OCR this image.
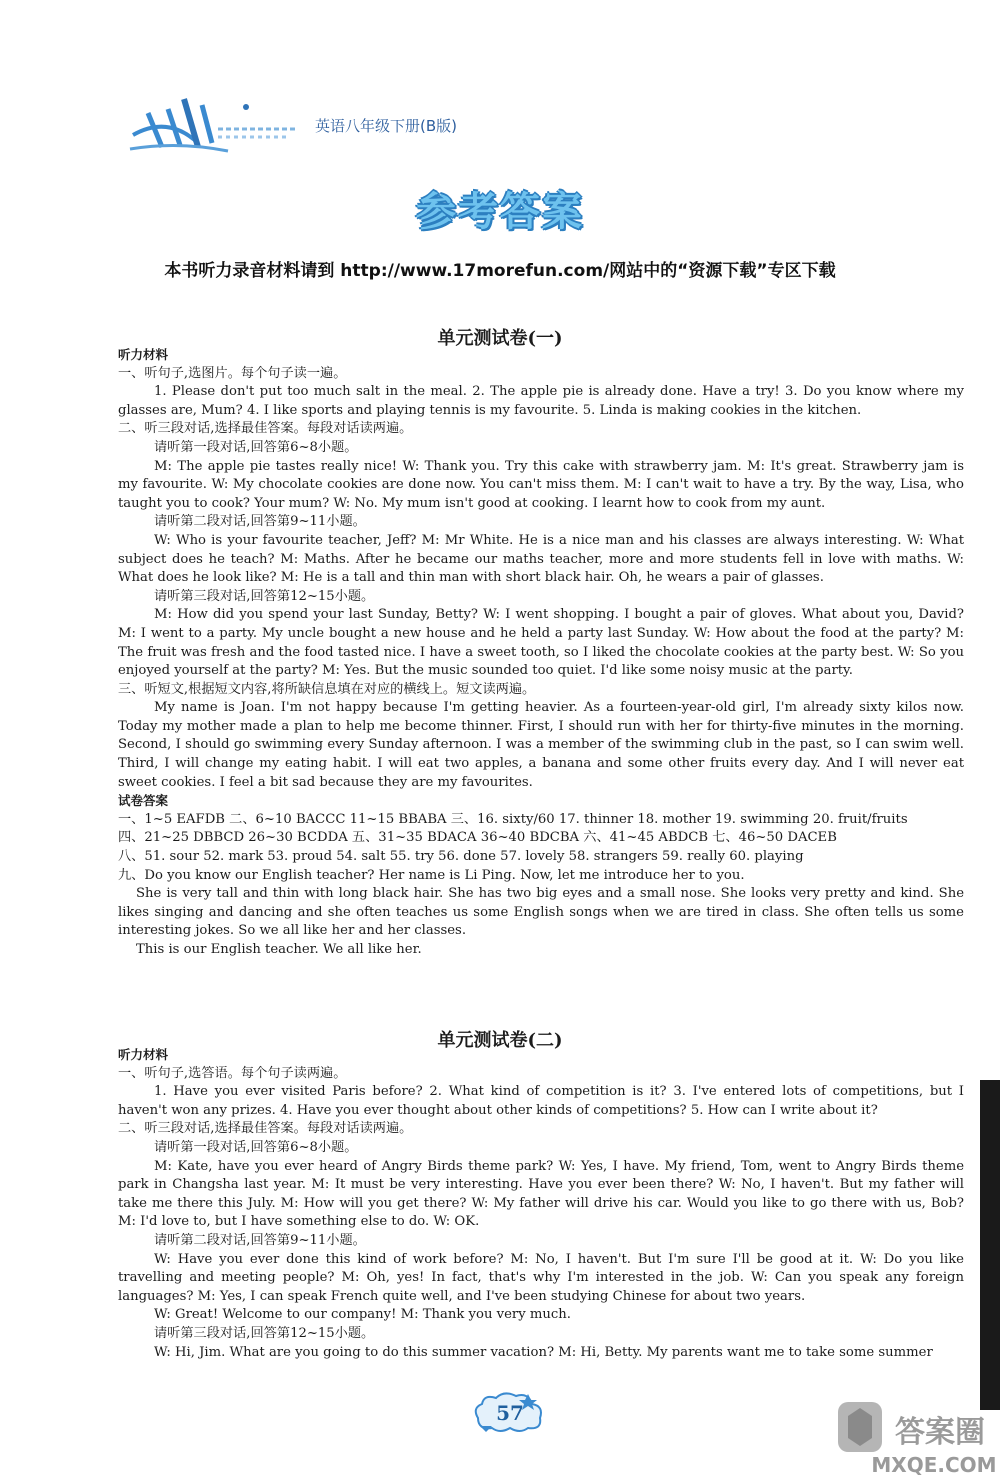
英语八年级下册(B版)
参考答案
本书听力录音材料请到 http://www.17morefun.com/网站中的“资源下载”专区下载
单元测试卷(一)

听力材料

一、听句子,选图片。每个句子读一遍。

1. Please don't put too much salt in the meal. 2. The apple pie is already done. Have a try! 3. Do you know where my glasses are, Mum? 4. I like sports and playing tennis is my favourite. 5. Linda is making cookies in the kitchen.

二、听三段对话,选择最佳答案。每段对话读两遍。

请听第一段对话,回答第6~8小题。

M: The apple pie tastes really nice! W: Thank you. Try this cake with strawberry jam. M: It's great. Strawberry jam is my favourite. W: My chocolate cookies are done now. You can't miss them. M: I can't wait to have a try. By the way, Lisa, who taught you to cook? Your mum? W: No. My mum isn't good at cooking. I learnt how to cook from my aunt.

请听第二段对话,回答第9~11小题。

W: Who is your favourite teacher, Jeff? M: Mr White. He is a nice man and his classes are always interesting. W: What subject does he teach? M: Maths. After he became our maths teacher, more and more students fell in love with maths. W: What does he look like? M: He is a tall and thin man with short black hair. Oh, he wears a pair of glasses.

请听第三段对话,回答第12~15小题。

M: How did you spend your last Sunday, Betty? W: I went shopping. I bought a pair of gloves. What about you, David? M: I went to a party. My uncle bought a new house and he held a party last Sunday. W: How about the food at the party? M: The fruit was fresh and the food tasted nice. I have a sweet tooth, so I liked the chocolate cookies at the party best. W: So you enjoyed yourself at the party? M: Yes. But the music sounded too quiet. I'd like some noisy music at the party.

三、听短文,根据短文内容,将所缺信息填在对应的横线上。短文读两遍。

My name is Joan. I'm not happy because I'm getting heavier. As a fourteen-year-old girl, I'm already sixty kilos now. Today my mother made a plan to help me become thinner. First, I should run with her for thirty-five minutes in the morning. Second, I should go swimming every Sunday afternoon. I was a member of the swimming club in the past, so I can swim well. Third, I will change my eating habit. I will eat two apples, a banana and some other fruits every day. And I will never eat sweet cookies. I feel a bit sad because they are my favourites.

试卷答案

一、1~5 EAFDB 二、6~10 BACCC 11~15 BBABA 三、16. sixty/60 17. thinner 18. mother 19. swimming 20. fruit/fruits

四、21~25 DBBCD 26~30 BCDDA 五、31~35 BDACA 36~40 BDCBA 六、41~45 ABDCB 七、46~50 DACEB

八、51. sour 52. mark 53. proud 54. salt 55. try 56. done 57. lovely 58. strangers 59. really 60. playing

九、Do you know our English teacher? Her name is Li Ping. Now, let me introduce her to you.

She is very tall and thin with long black hair. She has two big eyes and a small nose. She looks very pretty and kind. She likes singing and dancing and she often teaches us some English songs when we are tired in class. She often tells us some interesting jokes. So we all like her and her classes.

This is our English teacher. We all like her.

单元测试卷(二)

听力材料

一、听句子,选答语。每个句子读两遍。

1. Have you ever visited Paris before? 2. What kind of competition is it? 3. I've entered lots of competitions, but I haven't won any prizes. 4. Have you ever thought about other kinds of competitions? 5. How can I write about it?

二、听三段对话,选择最佳答案。每段对话读两遍。

请听第一段对话,回答第6~8小题。

M: Kate, have you ever heard of Angry Birds theme park? W: Yes, I have. My friend, Tom, went to Angry Birds theme park in Changsha last year. M: It must be very interesting. Have you ever been there? W: No, I haven't. But my father will take me there this July. M: How will you get there? W: My father will drive his car. Would you like to go there with us, Bob? M: I'd love to, but I have something else to do. W: OK.

请听第二段对话,回答第9~11小题。

W: Have you ever done this kind of work before? M: No, I haven't. But I'm sure I'll be good at it. W: Do you like travelling and meeting people? M: Oh, yes! In fact, that's why I'm interested in the job. W: Can you speak any foreign languages? M: Yes, I can speak French quite well, and I've been studying Chinese for about two years.

W: Great! Welcome to our company! M: Thank you very much.

请听第三段对话,回答第12~15小题。

W: Hi, Jim. What are you going to do this summer vacation? M: Hi, Betty. My parents want me to take some summer

57
答案圈
MXQE.COM
